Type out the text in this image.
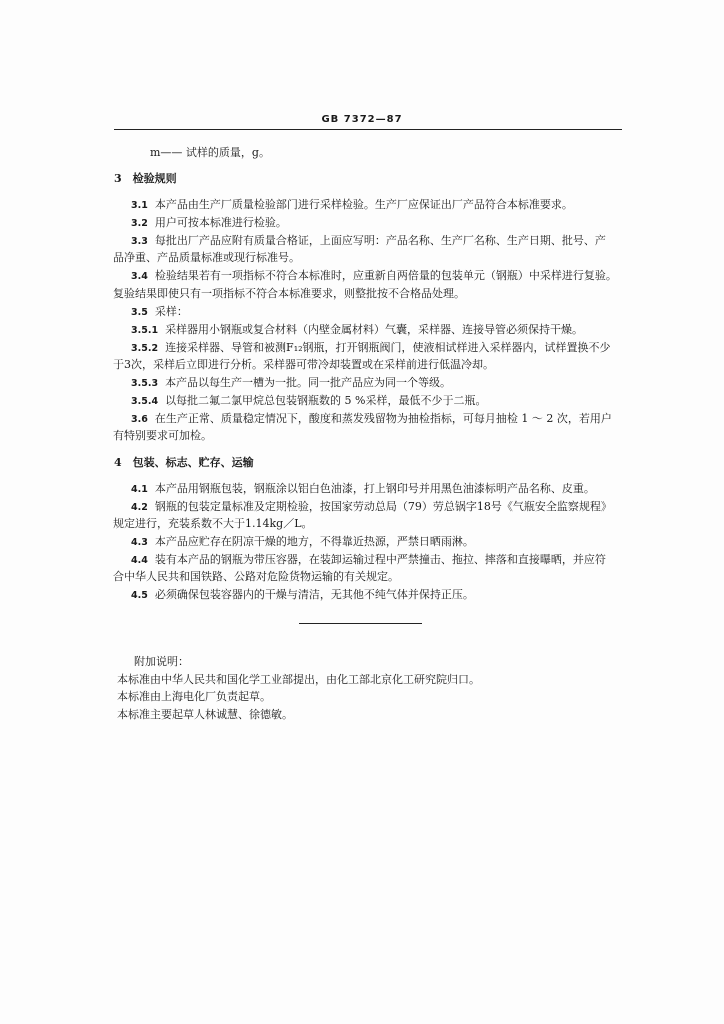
GB 7372—87
m—— 试样的质量，g。
3　检验规则
3.1 本产品由生产厂质量检验部门进行采样检验。生产厂应保证出厂产品符合本标准要求。
3.2 用户可按本标准进行检验。
3.3 每批出厂产品应附有质量合格证，上面应写明：产品名称、生产厂名称、生产日期、批号、产
品净重、产品质量标准或现行标准号。
3.4 检验结果若有一项指标不符合本标准时，应重新自两倍量的包装单元（钢瓶）中采样进行复验。
复验结果即使只有一项指标不符合本标准要求，则整批按不合格品处理。
3.5 采样：
3.5.1 采样器用小钢瓶或复合材料（内壁金属材料）气囊，采样器、连接导管必须保持干燥。
3.5.2 连接采样器、导管和被测F₁₂钢瓶，打开钢瓶阀门，使液相试样进入采样器内，试样置换不少
于3次，采样后立即进行分析。采样器可带冷却装置或在采样前进行低温冷却。
3.5.3 本产品以每生产一槽为一批。同一批产品应为同一个等级。
3.5.4 以每批二氟二氯甲烷总包装钢瓶数的 5 %采样，最低不少于二瓶。
3.6 在生产正常、质量稳定情况下，酸度和蒸发残留物为抽检指标，可每月抽检 1 ～ 2 次，若用户
有特别要求可加检。
4　包装、标志、贮存、运输
4.1 本产品用钢瓶包装，钢瓶涂以铝白色油漆，打上钢印号并用黑色油漆标明产品名称、皮重。
4.2 钢瓶的包装定量标准及定期检验，按国家劳动总局（79）劳总锅字18号《气瓶安全监察规程》
规定进行，充装系数不大于1.14kg／L。
4.3 本产品应贮存在阴凉干燥的地方，不得靠近热源，严禁日晒雨淋。
4.4 装有本产品的钢瓶为带压容器，在装卸运输过程中严禁撞击、拖拉、摔落和直接曝晒，并应符
合中华人民共和国铁路、公路对危险货物运输的有关规定。
4.5 必须确保包装容器内的干燥与清洁，无其他不纯气体并保持正压。
附加说明：
本标准由中华人民共和国化学工业部提出，由化工部北京化工研究院归口。
本标准由上海电化厂负责起草。
本标准主要起草人林诚慧、徐德敏。
